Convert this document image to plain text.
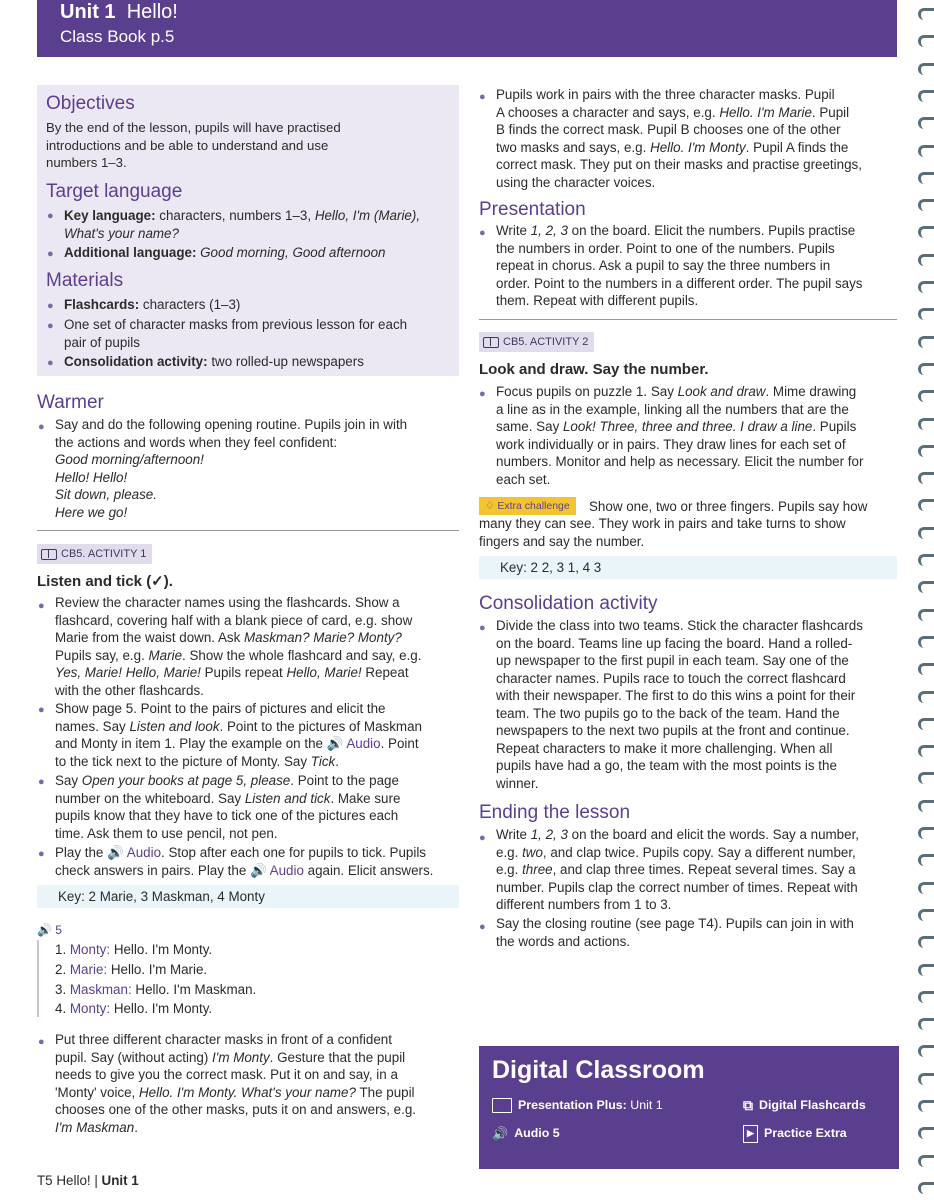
Unit 1 Hello!
Class Book p.5
Objectives
By the end of the lesson, pupils will have practised
introductions and be able to understand and use
numbers 1–3.
Target language
● Key language: characters, numbers 1–3, Hello, I'm (Marie),
What's your name?
● Additional language: Good morning, Good afternoon
Materials
● Flashcards: characters (1–3)
● One set of character masks from previous lesson for each
pair of pupils
● Consolidation activity: two rolled-up newspapers
Warmer
● Say and do the following opening routine. Pupils join in with
the actions and words when they feel confident:
Good morning/afternoon!
Hello! Hello!
Sit down, please.
Here we go!
CB5. ACTIVITY 1
Listen and tick (✓).
● Review the character names using the flashcards. Show a
flashcard, covering half with a blank piece of card, e.g. show
Marie from the waist down. Ask Maskman? Marie? Monty?
Pupils say, e.g. Marie. Show the whole flashcard and say, e.g.
Yes, Marie! Hello, Marie! Pupils repeat Hello, Marie! Repeat
with the other flashcards.
● Show page 5. Point to the pairs of pictures and elicit the
names. Say Listen and look. Point to the pictures of Maskman
and Monty in item 1. Play the example on the 🔊 Audio. Point
to the tick next to the picture of Monty. Say Tick.
● Say Open your books at page 5, please. Point to the page
number on the whiteboard. Say Listen and tick. Make sure
pupils know that they have to tick one of the pictures each
time. Ask them to use pencil, not pen.
● Play the 🔊 Audio. Stop after each one for pupils to tick. Pupils
check answers in pairs. Play the 🔊 Audio again. Elicit answers.
Key: 2 Marie, 3 Maskman, 4 Monty
🔊 5
1. Monty: Hello. I'm Monty.
2. Marie: Hello. I'm Marie.
3. Maskman: Hello. I'm Maskman.
4. Monty: Hello. I'm Monty.
● Put three different character masks in front of a confident
pupil. Say (without acting) I'm Monty. Gesture that the pupil
needs to give you the correct mask. Put it on and say, in a
'Monty' voice, Hello. I'm Monty. What's your name? The pupil
chooses one of the other masks, puts it on and answers, e.g.
I'm Maskman.
● Pupils work in pairs with the three character masks. Pupil
A chooses a character and says, e.g. Hello. I'm Marie. Pupil
B finds the correct mask. Pupil B chooses one of the other
two masks and says, e.g. Hello. I'm Monty. Pupil A finds the
correct mask. They put on their masks and practise greetings,
using the character voices.
Presentation
● Write 1, 2, 3 on the board. Elicit the numbers. Pupils practise
the numbers in order. Point to one of the numbers. Pupils
repeat in chorus. Ask a pupil to say the three numbers in
order. Point to the numbers in a different order. The pupil says
them. Repeat with different pupils.
CB5. ACTIVITY 2
Look and draw. Say the number.
● Focus pupils on puzzle 1. Say Look and draw. Mime drawing
a line as in the example, linking all the numbers that are the
same. Say Look! Three, three and three. I draw a line. Pupils
work individually or in pairs. They draw lines for each set of
numbers. Monitor and help as necessary. Elicit the number for
each set.
♢ Extra challenge	Show one, two or three fingers. Pupils say how
many they can see. They work in pairs and take turns to show
fingers and say the number.
Key: 2 2, 3 1, 4 3
Consolidation activity
● Divide the class into two teams. Stick the character flashcards
on the board. Teams line up facing the board. Hand a rolled-
up newspaper to the first pupil in each team. Say one of the
character names. Pupils race to touch the correct flashcard
with their newspaper. The first to do this wins a point for their
team. The two pupils go to the back of the team. Hand the
newspapers to the next two pupils at the front and continue.
Repeat characters to make it more challenging. When all
pupils have had a go, the team with the most points is the
winner.
Ending the lesson
● Write 1, 2, 3 on the board and elicit the words. Say a number,
e.g. two, and clap twice. Pupils copy. Say a different number,
e.g. three, and clap three times. Repeat several times. Say a
number. Pupils clap the correct number of times. Repeat with
different numbers from 1 to 3.
● Say the closing routine (see page T4). Pupils can join in with
the words and actions.
Digital Classroom
Presentation Plus: Unit 1	⧉ Digital Flashcards
🔊 Audio 5	▶ Practice Extra
T5 Hello! | Unit 1
